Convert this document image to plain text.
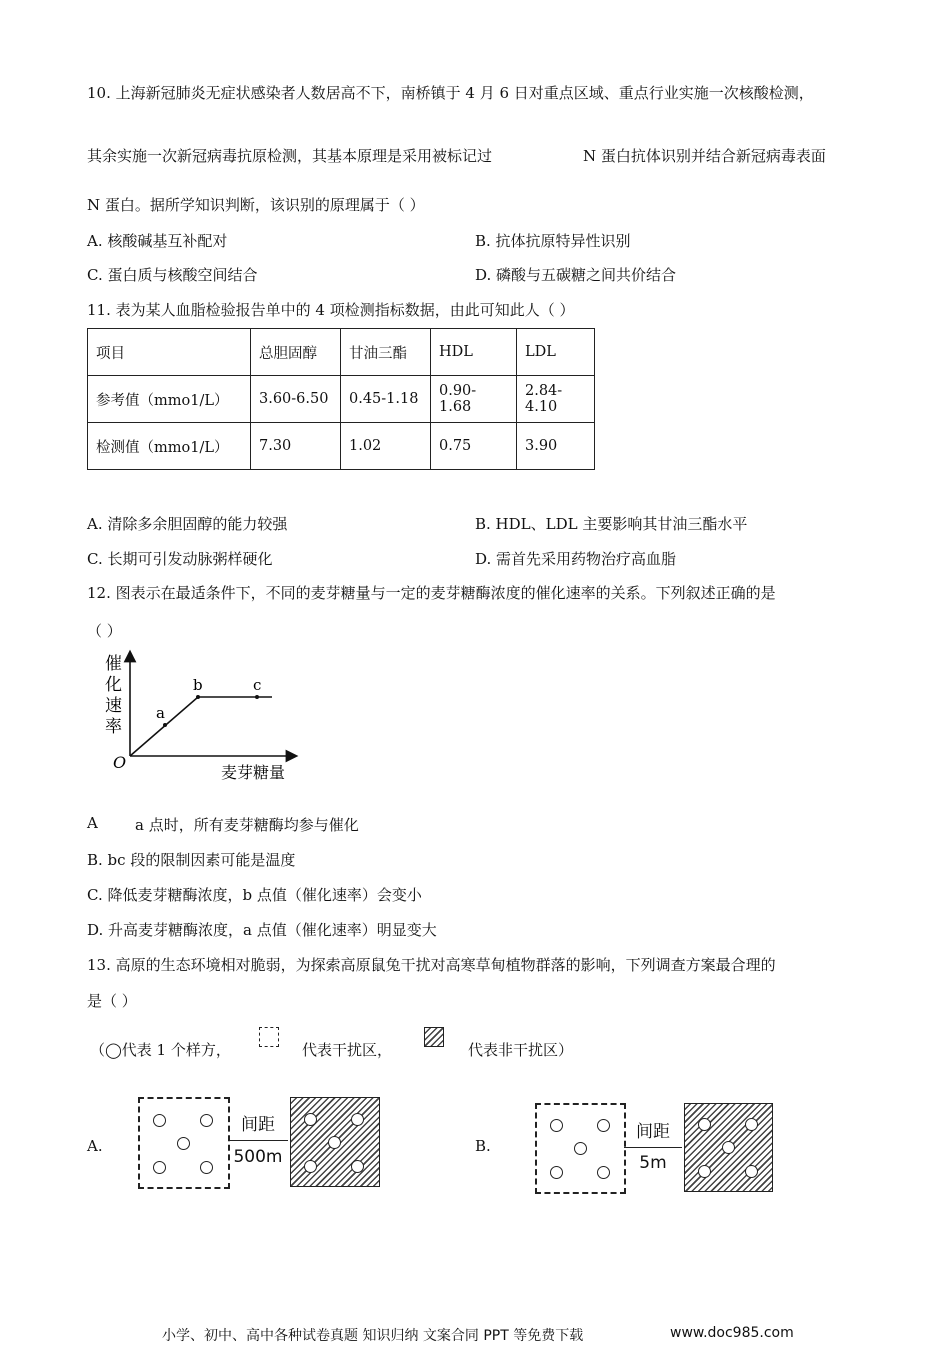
10. 上海新冠肺炎无症状感染者人数居高不下，南桥镇于 4 月 6 日对重点区域、重点行业实施一次核酸检测，
其余实施一次新冠病毒抗原检测，其基本原理是采用被标记过	N 蛋白抗体识别并结合新冠病毒表面
N 蛋白。据所学知识判断，该识别的原理属于（ ）
A. 核酸碱基互补配对	B. 抗体抗原特异性识别
C. 蛋白质与核酸空间结合	D. 磷酸与五碳糖之间共价结合
11. 表为某人血脂检验报告单中的 4 项检测指标数据，由此可知此人（ ）
项目	总胆固醇	甘油三酯	HDL	LDL
参考值（mmo1/L）	3.60-6.50	0.45-1.18	0.90-1.68	2.84-4.10
检测值（mmo1/L）	7.30	1.02	0.75	3.90
A. 清除多余胆固醇的能力较强	B. HDL、LDL 主要影响其甘油三酯水平
C. 长期可引发动脉粥样硬化	D. 需首先采用药物治疗高血脂
12. 图表示在最适条件下，不同的麦芽糖量与一定的麦芽糖酶浓度的催化速率的关系。下列叙述正确的是
（ ）
催
化
速
率
O
a
b	c
麦芽糖量
A a 点时，所有麦芽糖酶均参与催化
B. bc 段的限制因素可能是温度
C. 降低麦芽糖酶浓度，b 点值（催化速率）会变小
D. 升高麦芽糖酶浓度，a 点值（催化速率）明显变大
13. 高原的生态环境相对脆弱，为探索高原鼠兔干扰对高寒草甸植物群落的影响，下列调查方案最合理的
是（ ）
（◯代表 1 个样方，	代表干扰区，	代表非干扰区）
A.
间距
500m
B.
间距
5m
小学、初中、高中各种试卷真题 知识归纳 文案合同 PPT 等免费下载	www.doc985.com
